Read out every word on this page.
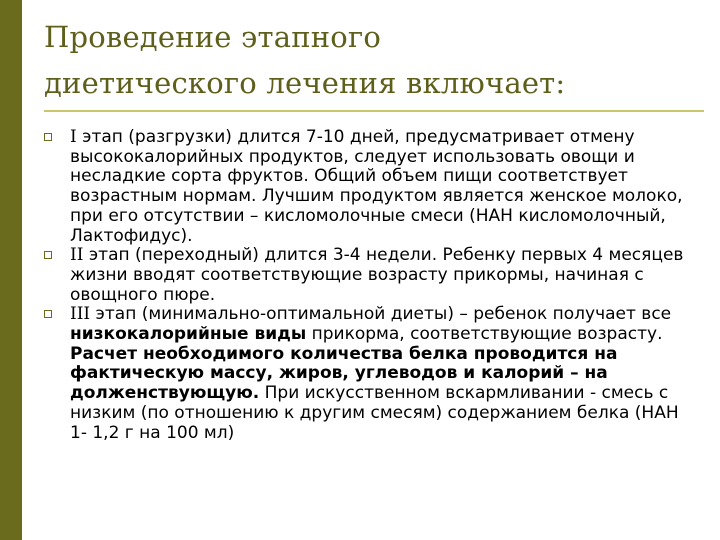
Проведение этапного
диетического лечения включает:
I этап (разгрузки) длится 7-10 дней, предусматривает отмену высококалорийных продуктов, следует использовать овощи и несладкие сорта фруктов. Общий объем пищи соответствует возрастным нормам. Лучшим продуктом является женское молоко, при его отсутствии – кисломолочные смеси (НАН кисломолочный, Лактофидус).
II этап (переходный) длится 3-4 недели. Ребенку первых 4 месяцев жизни вводят соответствующие возрасту прикормы, начиная с овощного пюре.
III этап (минимально-оптимальной диеты) – ребенок получает все низкокалорийные виды прикорма, соответствующие возрасту. Расчет необходимого количества белка проводится на фактическую массу, жиров, углеводов и калорий – на долженствующую. При искусственном вскармливании - смесь с низким (по отношению к другим смесям) содержанием белка (НАН 1- 1,2 г на 100 мл)
